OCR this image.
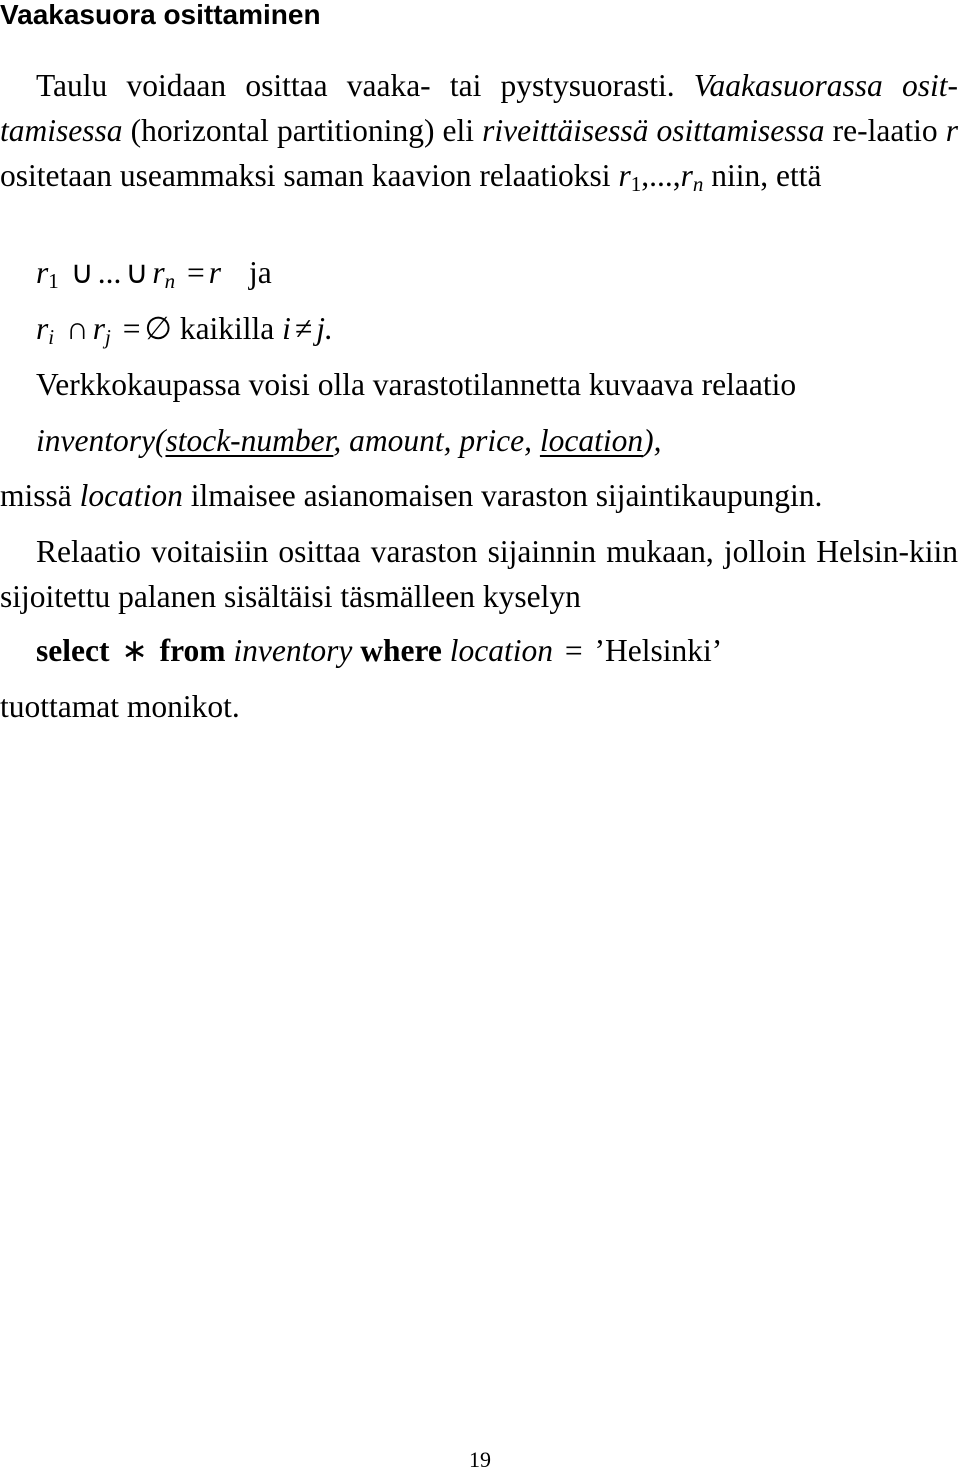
Vaakasuora osittaminen

Taulu voidaan osittaa vaaka- tai pystysuorasti. Vaakasuorassa osit-tamisessa (horizontal partitioning) eli riveittäisessä osittamisessa re-laatio r ositetaan useammaksi saman kaavion relaatioksi $r_1,...,r_n$ niin, että

$r_1$ ∪ ... ∪ $r_n = r$ ja
$r_i$ ∩ $r_j$ = ∅ kaikilla i ≠ j.
Verkkokaupassa voisi olla varastotilannetta kuvaava relaatio
inventory(stock-number, amount, price, location),
missä location ilmaisee asianomaisen varaston sijaintikaupungin.

Relaatio voitaisiin osittaa varaston sijainnin mukaan, jolloin Helsin-kiin sijoitettu palanen sisältäisi täsmälleen kyselyn

select ∗ from inventory where location = ’Helsinki’
tuottamat monikot.
19
